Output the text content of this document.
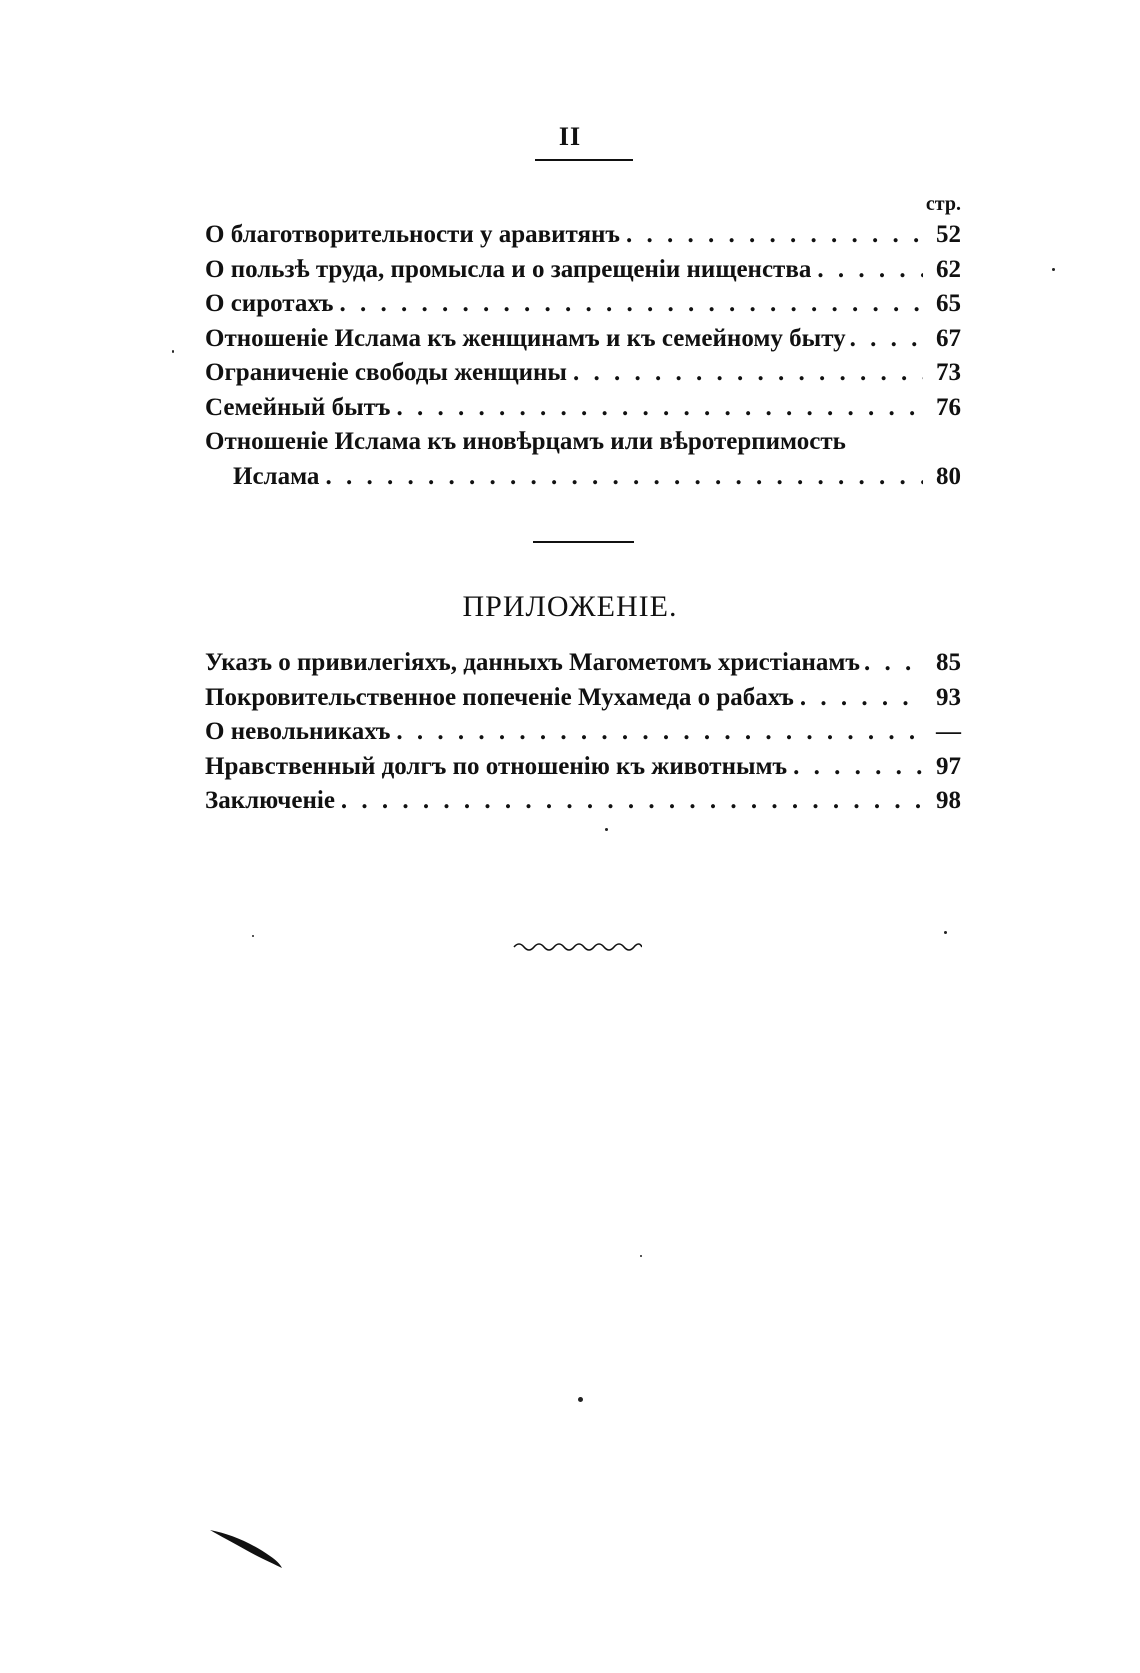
II
стр.
О благотворительности у аравитянъ . . .	52
О пользѣ труда, промысла и о запрещеніи нищенства . . .	62
О сиротахъ . . .	65
Отношеніе Ислама къ женщинамъ и къ семейному быту . . .	67
Ограниченіе свободы женщины . . .	73
Семейный бытъ . . .	76
Отношеніе Ислама къ иновѣрцамъ или вѣротерпимость
Ислама . . .	80
ПРИЛОЖЕНІЕ.
Указъ о привилегіяхъ, данныхъ Магометомъ христіанамъ . . .	85
Покровительственное попеченіе Мухамеда о рабахъ . . .	93
О невольникахъ . . .	—
Нравственный долгъ по отношенію къ животнымъ . . .	97
Заключеніе . . .	98
